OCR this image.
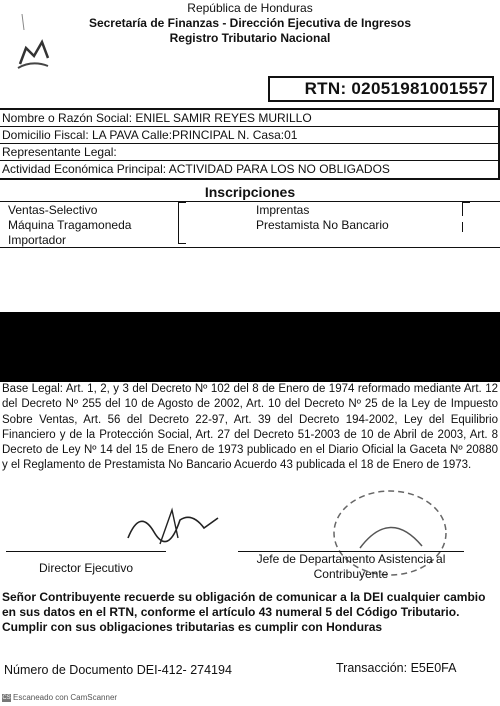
República de Honduras
Secretaría de Finanzas - Dirección Ejecutiva de Ingresos
Registro Tributario Nacional
RTN: 02051981001557
Nombre o Razón Social: ENIEL SAMIR REYES MURILLO
Domicilio Fiscal: LA PAVA Calle:PRINCIPAL N. Casa:01
Representante Legal:
Actividad Económica Principal: ACTIVIDAD PARA LOS NO OBLIGADOS
Inscripciones
Ventas-Selectivo
Máquina Tragamoneda
Importador
Imprentas
Prestamista No Bancario
Base Legal: Art. 1, 2, y 3 del Decreto Nº 102 del 8 de Enero de 1974 reformado mediante Art. 12 del Decreto Nº 255 del 10 de Agosto de 2002, Art. 10 del Decreto Nº 25 de la Ley de Impuesto Sobre Ventas, Art. 56 del Decreto 22-97, Art. 39 del Decreto 194-2002, Ley del Equilibrio Financiero y de la Protección Social, Art. 27 del Decreto 51-2003 de 10 de Abril de 2003, Art. 8 Decreto de Ley Nº 14 del 15 de Enero de 1973 publicado en el Diario Oficial la Gaceta Nº 20880 y el Reglamento de Prestamista No Bancario Acuerdo 43 publicada el 18 de Enero de 1973.
Director Ejecutivo
Jefe de Departamento Asistencia al
Contribuyente
Señor Contribuyente recuerde su obligación de comunicar a la DEI cualquier cambio en sus datos en el RTN, conforme el artículo 43 numeral 5 del Código Tributario. Cumplir con sus obligaciones tributarias es cumplir con Honduras
Número de Documento DEI-412- 274194	Transacción: E5E0FA
CS Escaneado con CamScanner
